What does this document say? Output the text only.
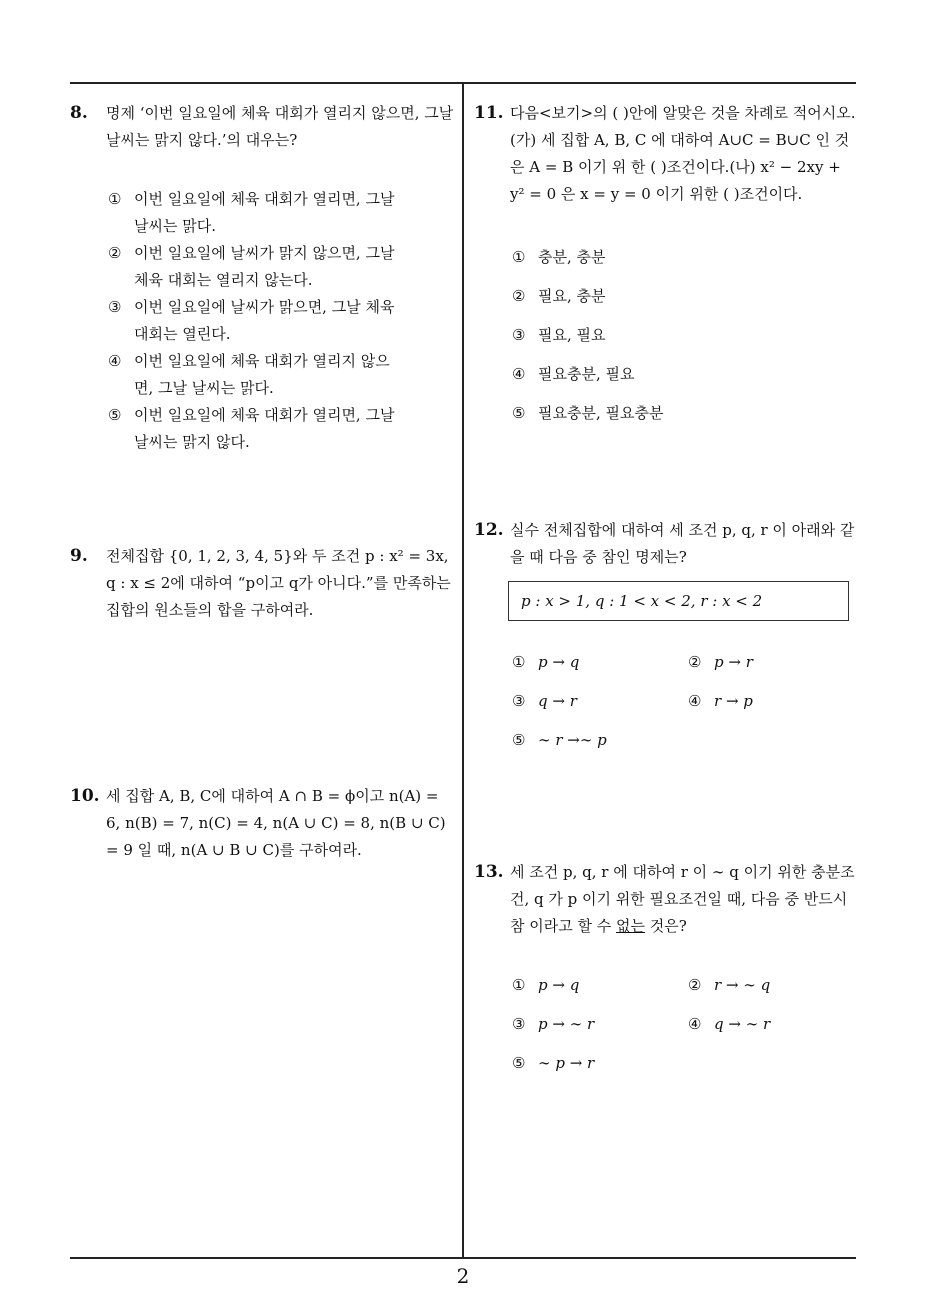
8. 명제 ‘이번 일요일에 체육 대회가 열리지 않으면, 그날 날씨는 맑지 않다.’의 대우는?
① 이번 일요일에 체육 대회가 열리면, 그날 날씨는 맑다.
② 이번 일요일에 날씨가 맑지 않으면, 그날 체육 대회는 열리지 않는다.
③ 이번 일요일에 날씨가 맑으면, 그날 체육 대회는 열린다.
④ 이번 일요일에 체육 대회가 열리지 않으면, 그날 날씨는 맑다.
⑤ 이번 일요일에 체육 대회가 열리면, 그날 날씨는 맑지 않다.
9. 전체집합 {0, 1, 2, 3, 4, 5}와 두 조건 p : x² = 3x, q : x ≤ 2에 대하여 “p이고 q가 아니다.”를 만족하는 집합의 원소들의 합을 구하여라.
10. 세 집합 A, B, C에 대하여 A ∩ B = ϕ이고 n(A) = 6, n(B) = 7, n(C) = 4, n(A ∪ C) = 8, n(B ∪ C) = 9 일 때, n(A ∪ B ∪ C)를 구하여라.
11. 다음<보기>의 ( )안에 알맞은 것을 차례로 적어시오.(가) 세 집합 A, B, C 에 대하여 A∪C = B∪C 인 것은 A = B 이기 위 한 ( )조건이다.(나) x² − 2xy + y² = 0 은 x = y = 0 이기 위한 ( )조건이다.
① 충분, 충분
② 필요, 충분
③ 필요, 필요
④ 필요충분, 필요
⑤ 필요충분, 필요충분
12. 실수 전체집합에 대하여 세 조건 p, q, r 이 아래와 같을 때 다음 중 참인 명제는?
p : x > 1, q : 1 < x < 2, r : x < 2
① p → q	② p → r
③ q → r	④ r → p
⑤ ∼ r →∼ p
13. 세 조건 p, q, r 에 대하여 r 이 ∼ q 이기 위한 충분조건, q 가 p 이기 위한 필요조건일 때, 다음 중 반드시 참 이라고 할 수 없는 것은?
① p → q	② r → ∼ q
③ p → ∼ r	④ q → ∼ r
⑤ ∼ p → r
2
